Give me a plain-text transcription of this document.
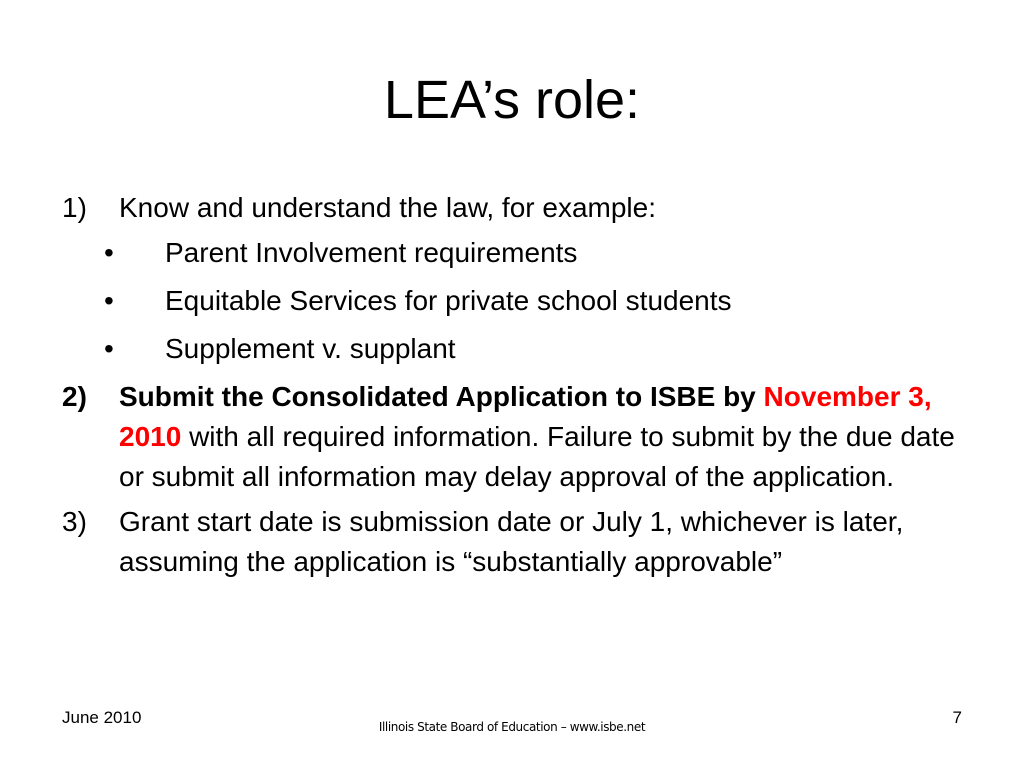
LEA’s role:
1) Know and understand the law, for example:
• Parent Involvement requirements
• Equitable Services for private school students
• Supplement v. supplant
2) Submit the Consolidated Application to ISBE by November 3, 2010 with all required information. Failure to submit by the due date or submit all information may delay approval of the application.
3) Grant start date is submission date or July 1, whichever is later, assuming the application is “substantially approvable”
June 2010	Illinois State Board of Education – www.isbe.net	7
